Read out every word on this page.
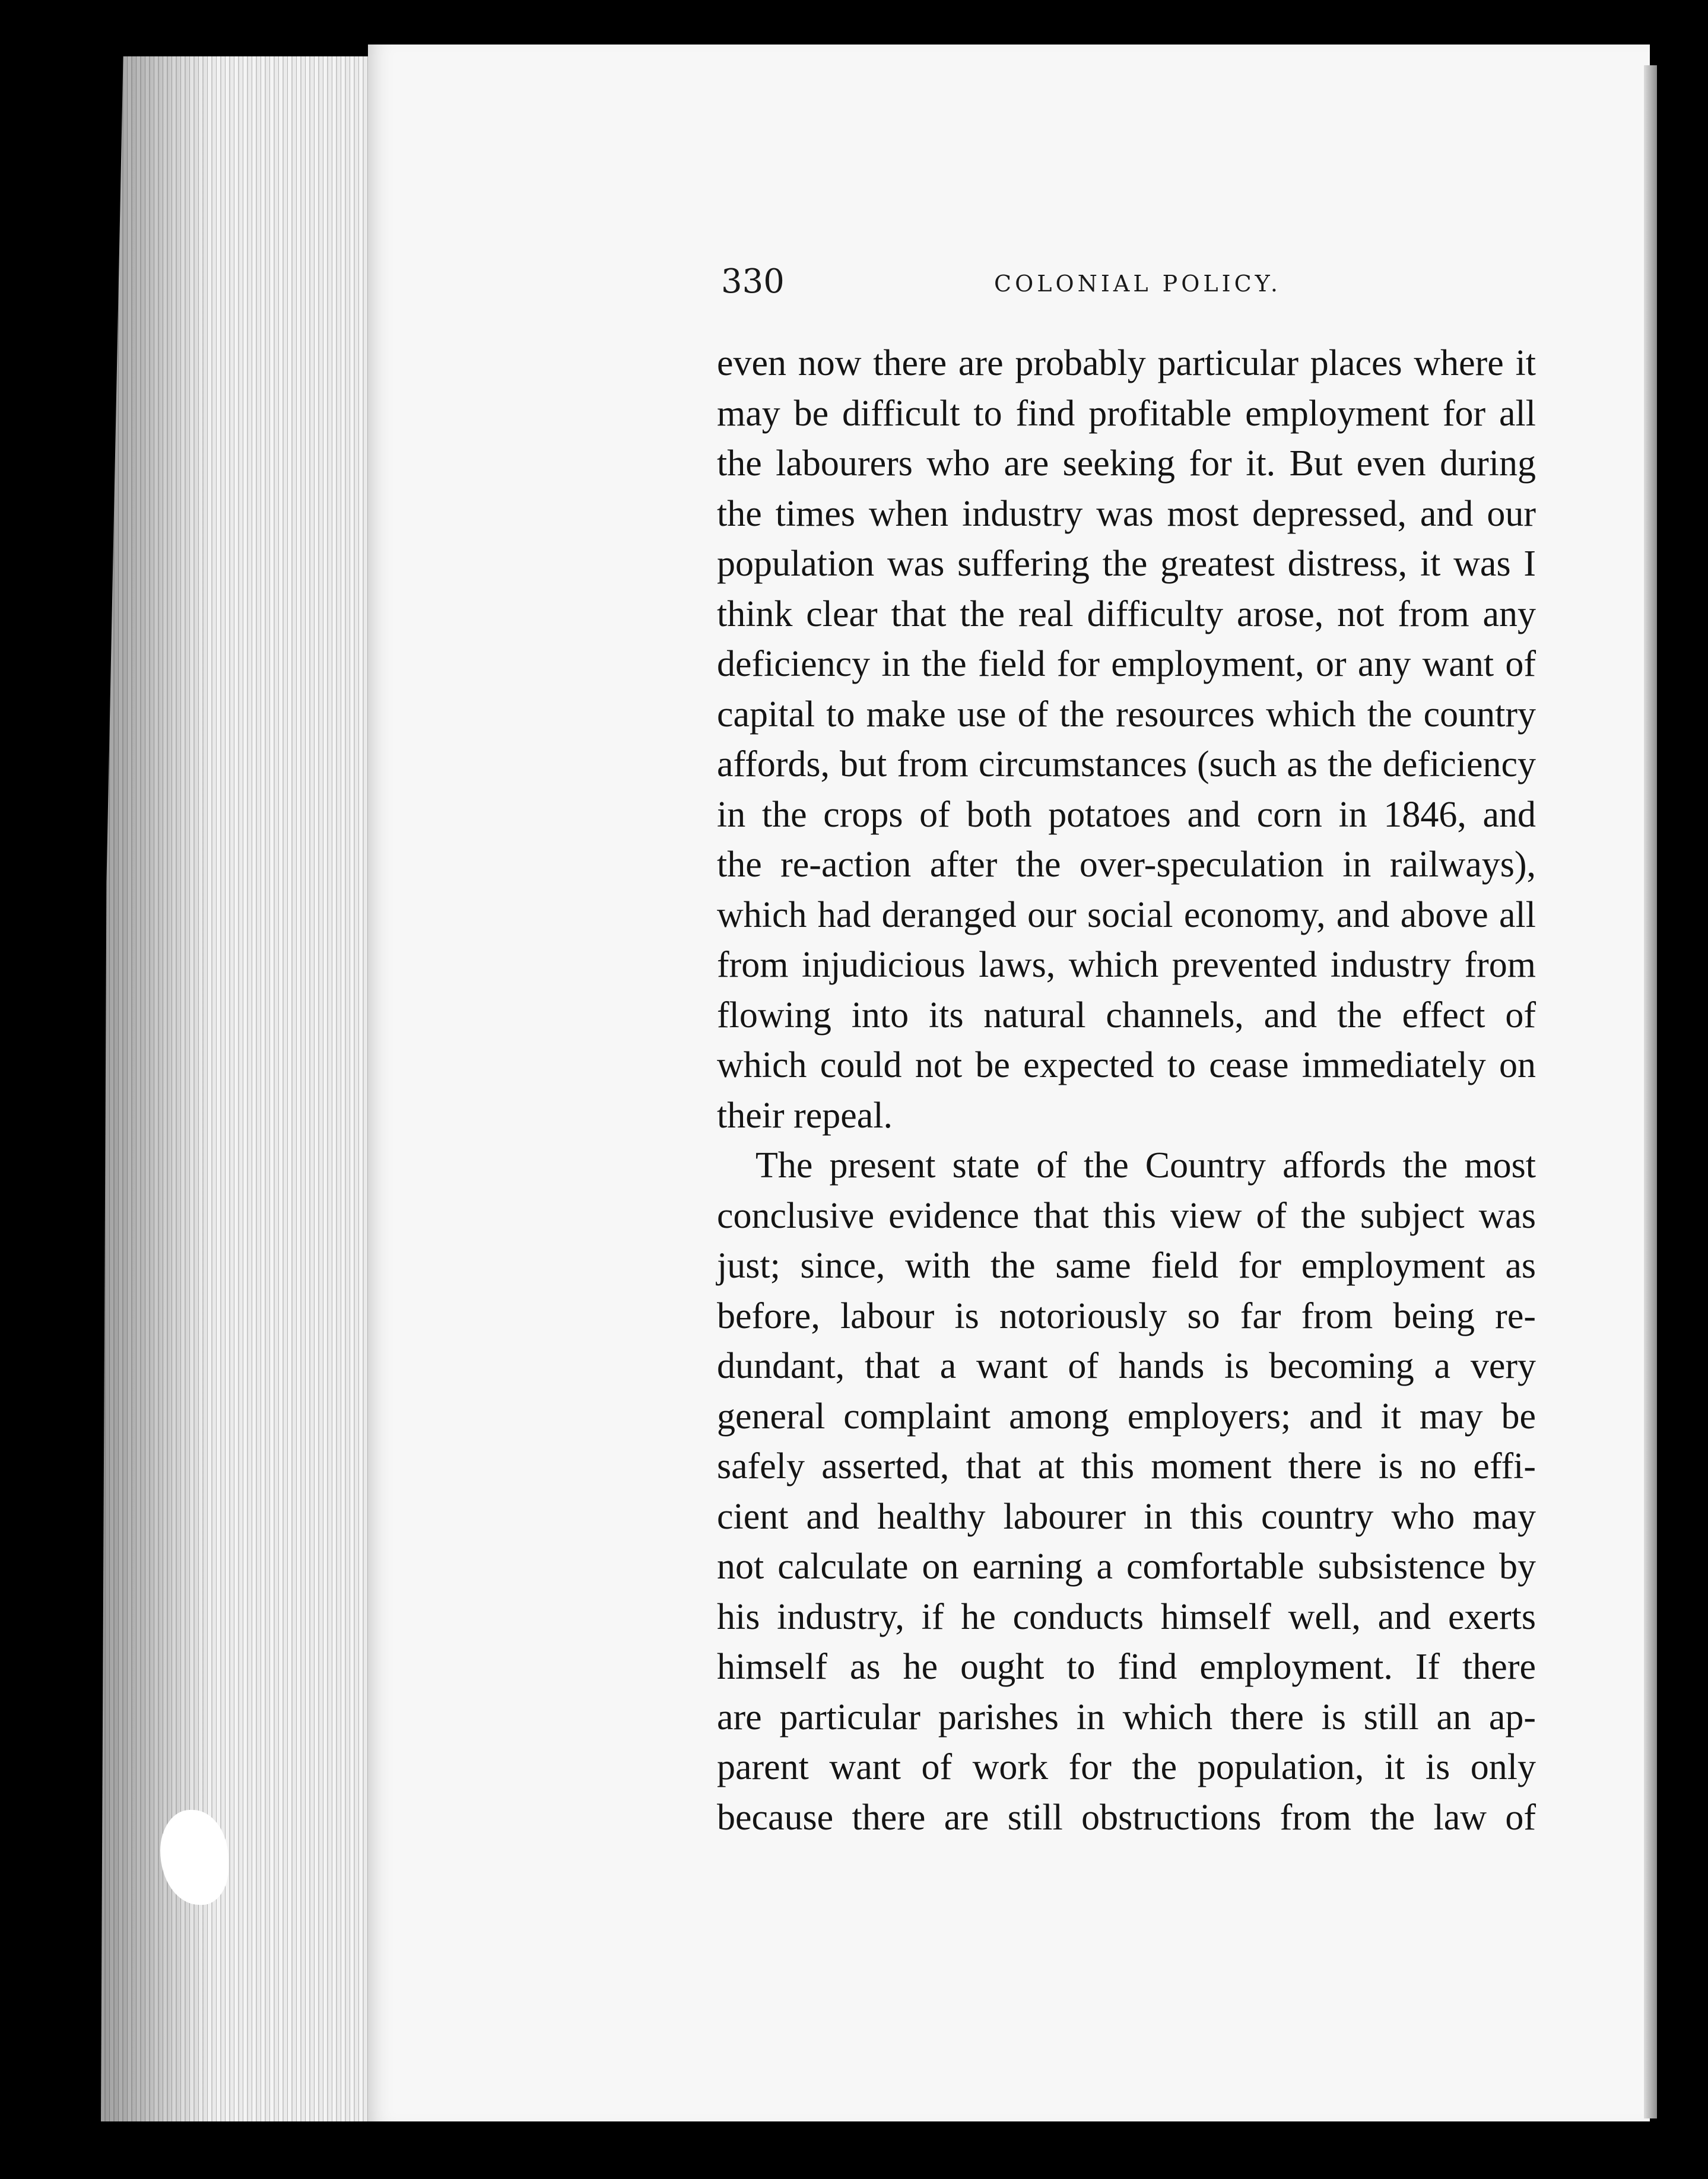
330	COLONIAL POLICY.
even now there are probably particular places where it
may be difficult to find profitable employment for all
the labourers who are seeking for it. But even during
the times when industry was most depressed, and our
population was suffering the greatest distress, it was I
think clear that the real difficulty arose, not from any
deficiency in the field for employment, or any want of
capital to make use of the resources which the country
affords, but from circumstances (such as the deficiency
in the crops of both potatoes and corn in 1846, and
the re-action after the over-speculation in railways),
which had deranged our social economy, and above all
from injudicious laws, which prevented industry from
flowing into its natural channels, and the effect of
which could not be expected to cease immediately on
their repeal.
The present state of the Country affords the most
conclusive evidence that this view of the subject was
just; since, with the same field for employment as
before, labour is notoriously so far from being re-
dundant, that a want of hands is becoming a very
general complaint among employers; and it may be
safely asserted, that at this moment there is no effi-
cient and healthy labourer in this country who may
not calculate on earning a comfortable subsistence by
his industry, if he conducts himself well, and exerts
himself as he ought to find employment. If there
are particular parishes in which there is still an ap-
parent want of work for the population, it is only
because there are still obstructions from the law of
